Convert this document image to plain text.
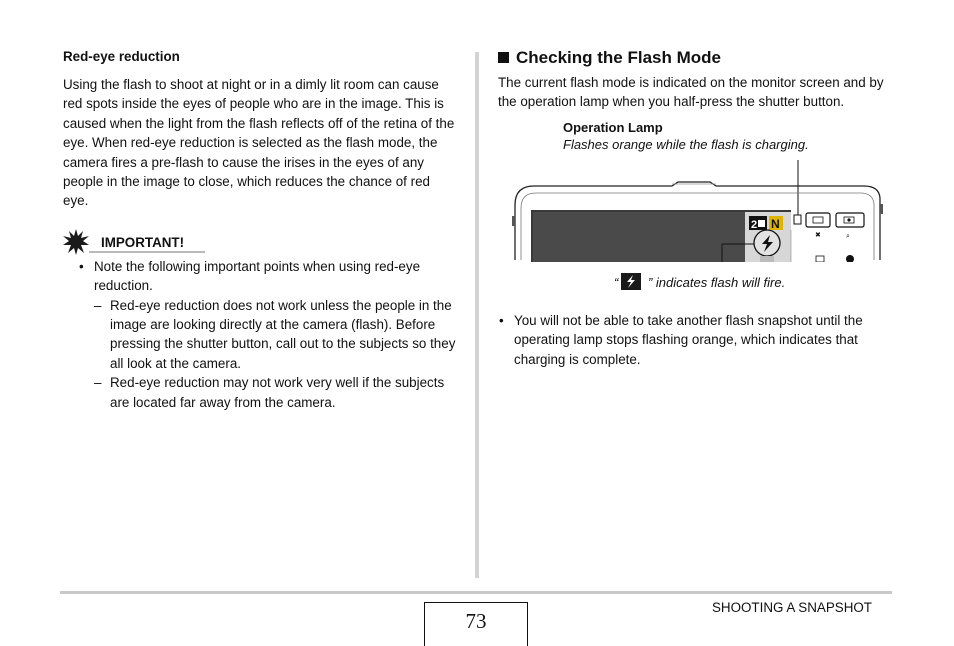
Red-eye reduction

Using the flash to shoot at night or in a dimly lit room can cause red spots inside the eyes of people who are in the image. This is caused when the light from the flash reflects off of the retina of the eye. When red-eye reduction is selected as the flash mode, the camera fires a pre-flash to cause the irises in the eyes of any people in the image to close, which reduces the chance of red eye.

IMPORTANT!
• Note the following important points when using red-eye reduction.
– Red-eye reduction does not work unless the people in the image are looking directly at the camera (flash). Before pressing the shutter button, call out to the subjects so they all look at the camera.
– Red-eye reduction may not work very well if the subjects are located far away from the camera.
Checking the Flash Mode
The current flash mode is indicated on the monitor screen and by the operation lamp when you half-press the shutter button.
Operation Lamp
Flashes orange while the flash is charging.
2 N
✖	⌕
“
” indicates flash will fire.
• You will not be able to take another flash snapshot until the operating lamp stops flashing orange, which indicates that charging is complete.
73
SHOOTING A SNAPSHOT
